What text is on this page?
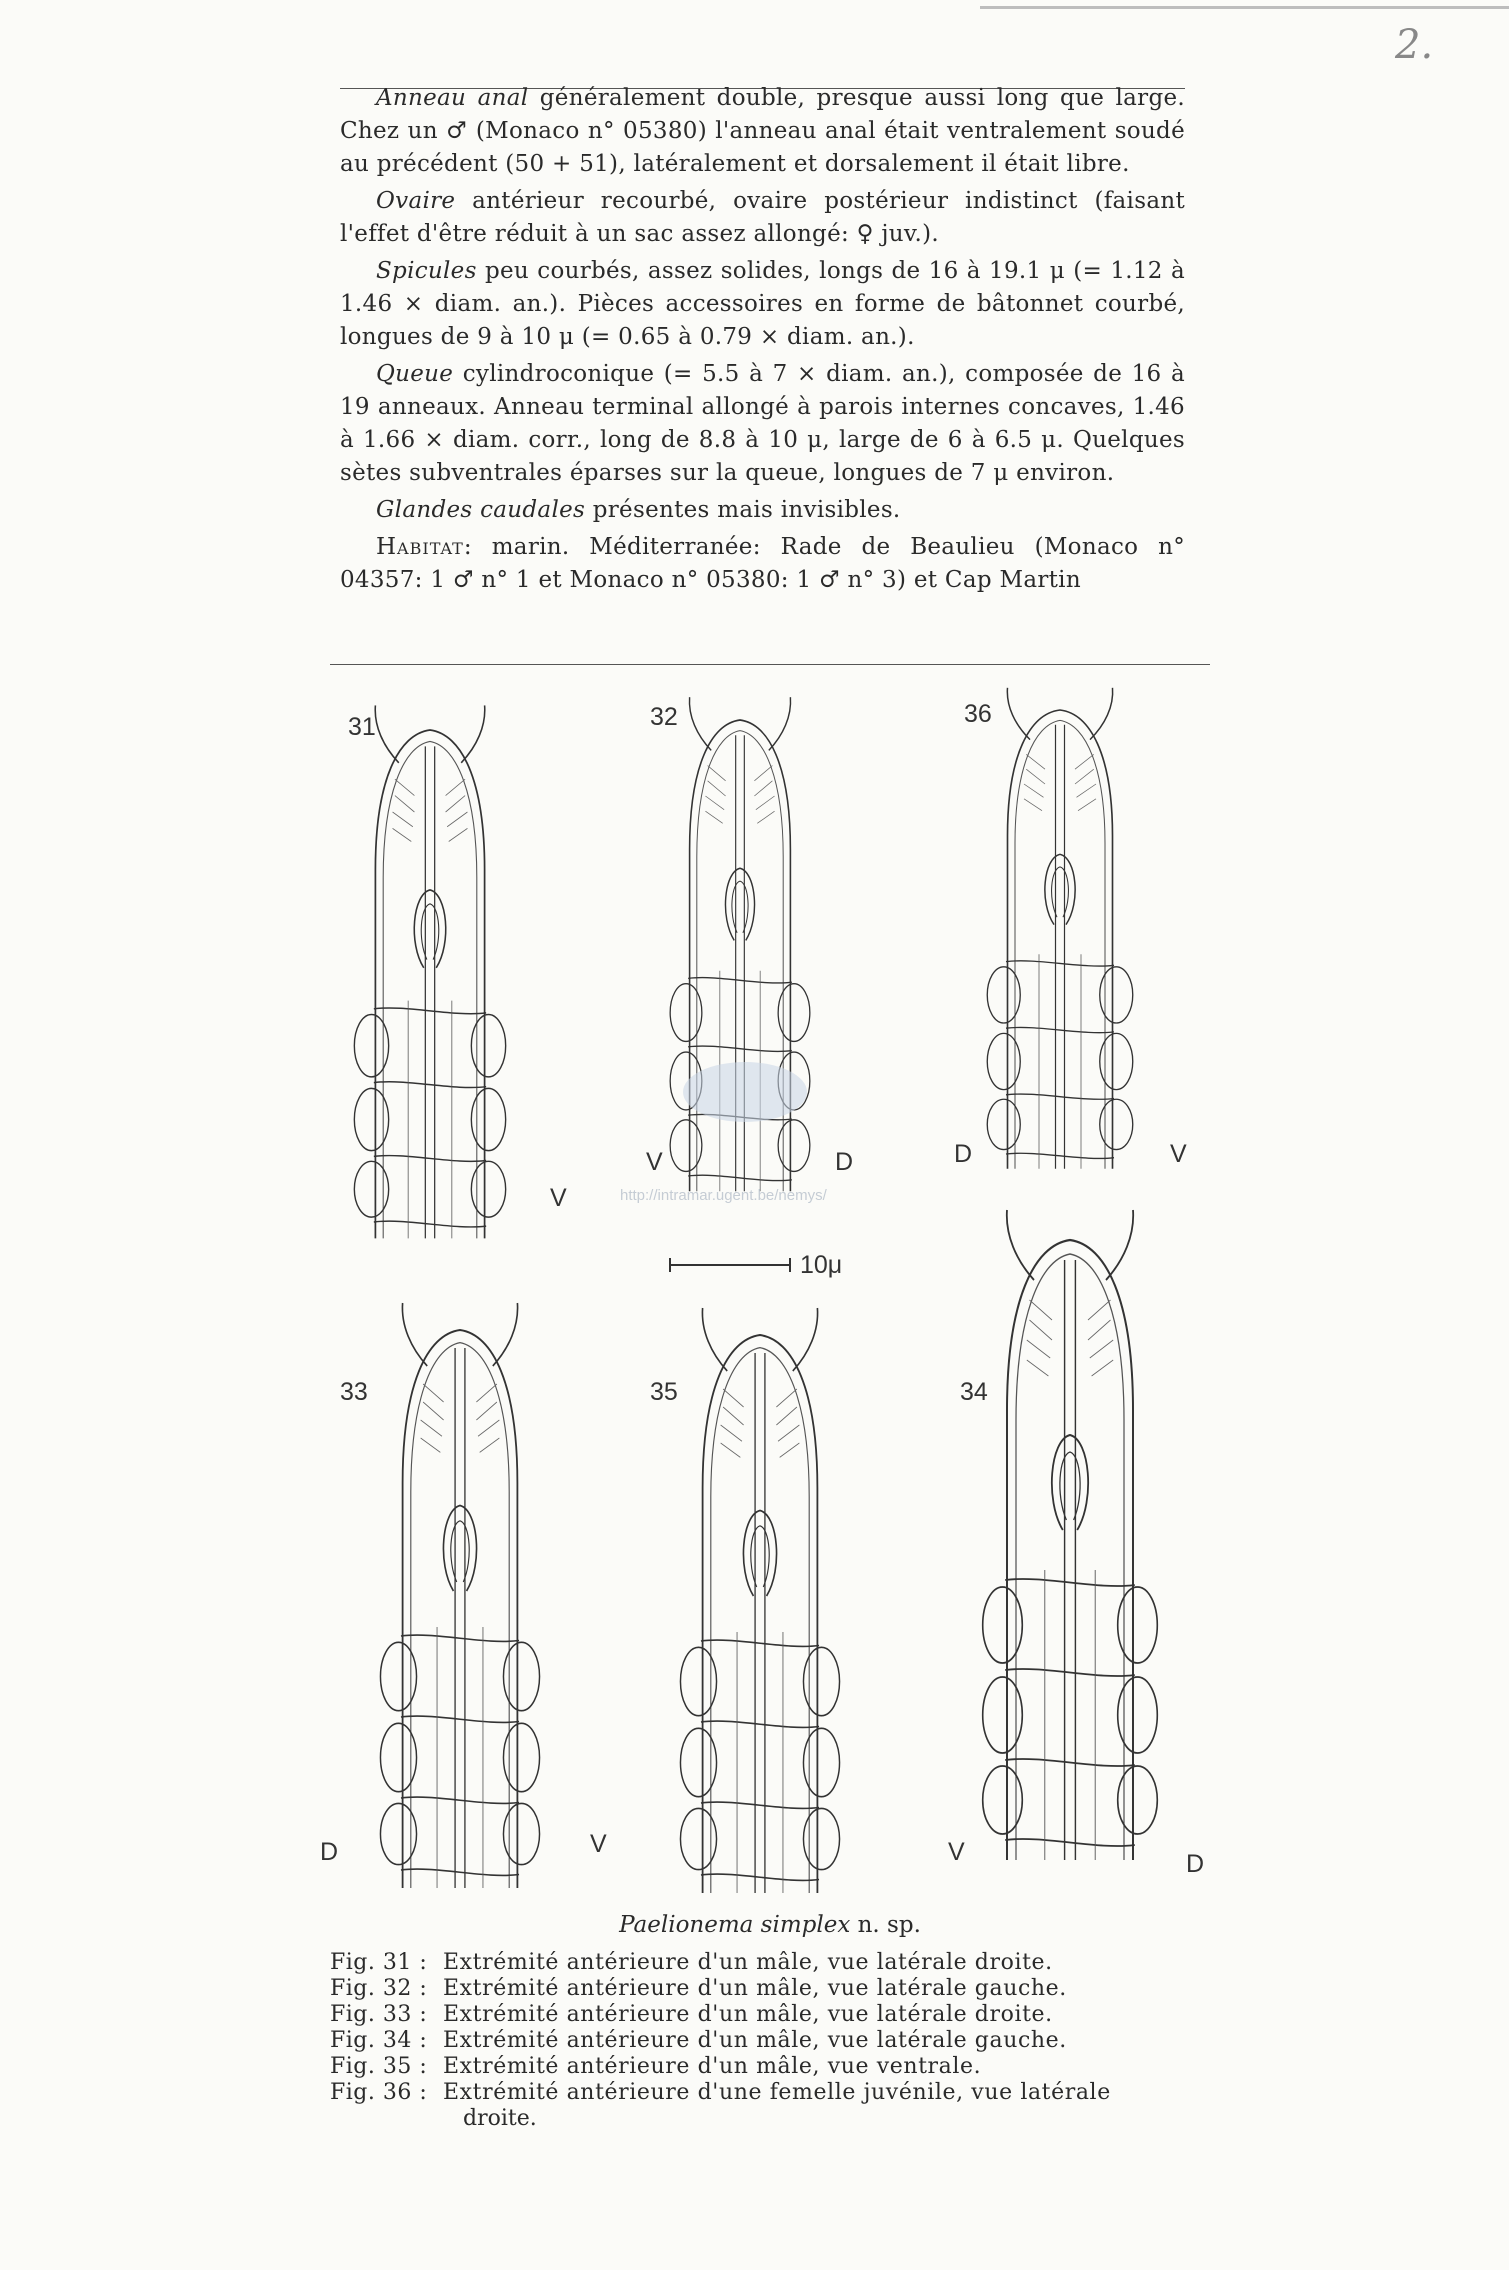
2.

Anneau anal généralement double, presque aussi long que large. Chez un ♂ (Monaco n° 05380) l'anneau anal était ventralement soudé au précédent (50 + 51), latéralement et dorsalement il était libre.

Ovaire antérieur recourbé, ovaire postérieur indistinct (faisant l'effet d'être réduit à un sac assez allongé: ♀ juv.).

Spicules peu courbés, assez solides, longs de 16 à 19.1 μ (= 1.12 à 1.46 × diam. an.). Pièces accessoires en forme de bâtonnet courbé, longues de 9 à 10 μ (= 0.65 à 0.79 × diam. an.).

Queue cylindroconique (= 5.5 à 7 × diam. an.), composée de 16 à 19 anneaux. Anneau terminal allongé à parois internes concaves, 1.46 à 1.66 × diam. corr., long de 8.8 à 10 μ, large de 6 à 6.5 μ. Quelques sètes subventrales éparses sur la queue, longues de 7 μ environ.

Glandes caudales présentes mais invisibles.

Habitat: marin. Méditerranée: Rade de Beaulieu (Monaco n° 04357: 1 ♂ n° 1 et Monaco n° 05380: 1 ♂ n° 3) et Cap Martin

31
V
32
V	D
36
D	V
http://intramar.ugent.be/nemys/
10μ
33
D	V
35	34
V	D
Paelionema simplex n. sp.
Fig. 31 : Extrémité antérieure d'un mâle, vue latérale droite.
Fig. 32 : Extrémité antérieure d'un mâle, vue latérale gauche.
Fig. 33 : Extrémité antérieure d'un mâle, vue latérale droite.
Fig. 34 : Extrémité antérieure d'un mâle, vue latérale gauche.
Fig. 35 : Extrémité antérieure d'un mâle, vue ventrale.
Fig. 36 : Extrémité antérieure d'une femelle juvénile, vue latérale
droite.
